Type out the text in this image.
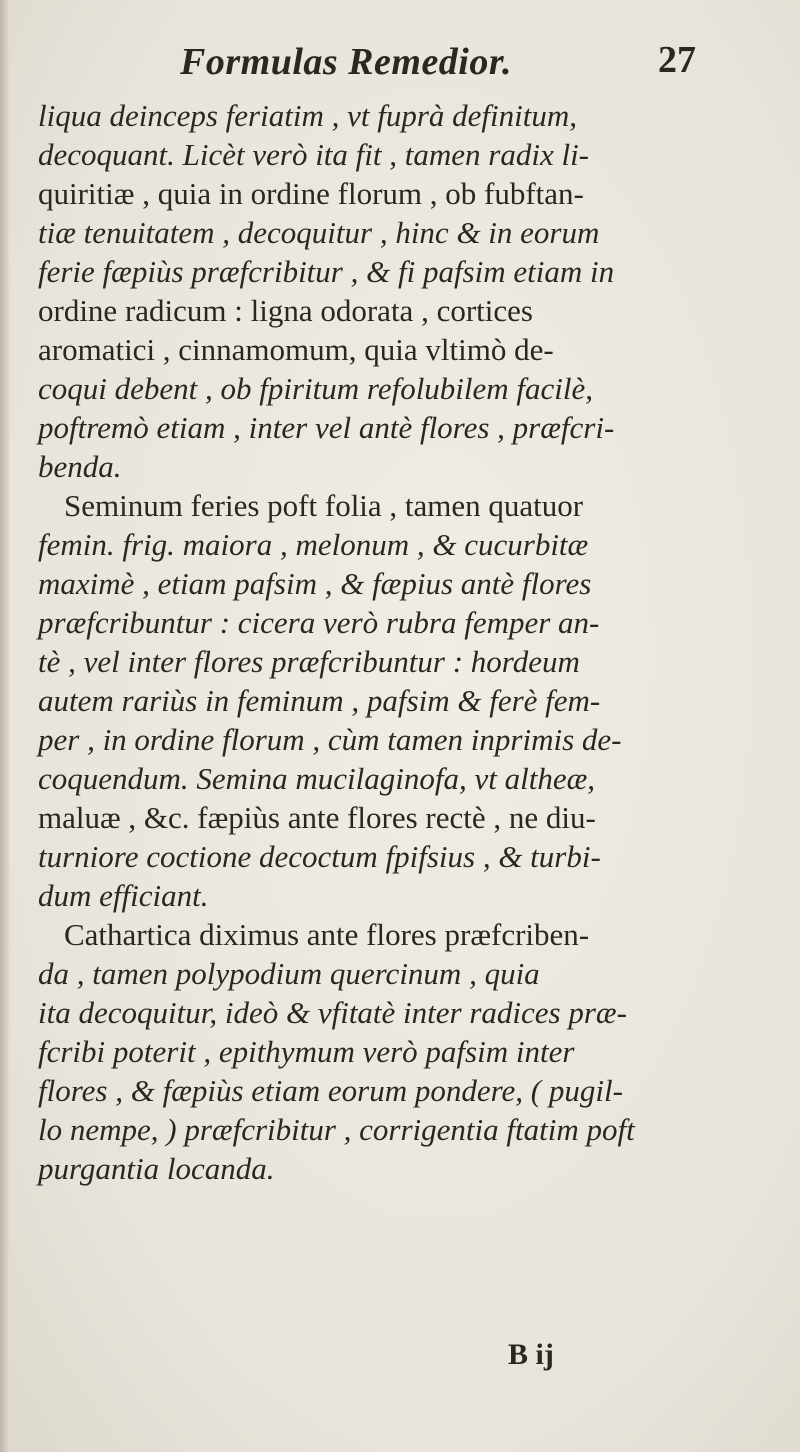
Formulas Remedior.	27
liqua deinceps feriatim , vt fuprà definitum,
decoquant. Licèt verò ita fit , tamen radix li-
quiritiæ , quia in ordine florum , ob fubftan-
tiæ tenuitatem , decoquitur , hinc & in eorum
ferie fæpiùs præfcribitur , & fi pafsim etiam in
ordine radicum : ligna odorata , cortices
aromatici , cinnamomum, quia vltimò de-
coqui debent , ob fpiritum refolubilem facilè,
poftremò etiam , inter vel antè flores , præfcri-
benda.
Seminum feries poft folia , tamen quatuor
femin. frig. maiora , melonum , & cucurbitæ
maximè , etiam pafsim , & fæpius antè flores
præfcribuntur : cicera verò rubra femper an-
tè , vel inter flores præfcribuntur : hordeum
autem rariùs in feminum , pafsim & ferè fem-
per , in ordine florum , cùm tamen inprimis de-
coquendum. Semina mucilaginofa, vt altheæ,
maluæ , &c. fæpiùs ante flores rectè , ne diu-
turniore coctione decoctum fpifsius , & turbi-
dum efficiant.
Cathartica diximus ante flores præfcriben-
da , tamen polypodium quercinum , quia
ita decoquitur, ideò & vfitatè inter radices præ-
fcribi poterit , epithymum verò pafsim inter
flores , & fæpiùs etiam eorum pondere, ( pugil-
lo nempe, ) præfcribitur , corrigentia ftatim poft
purgantia locanda.
B ij
